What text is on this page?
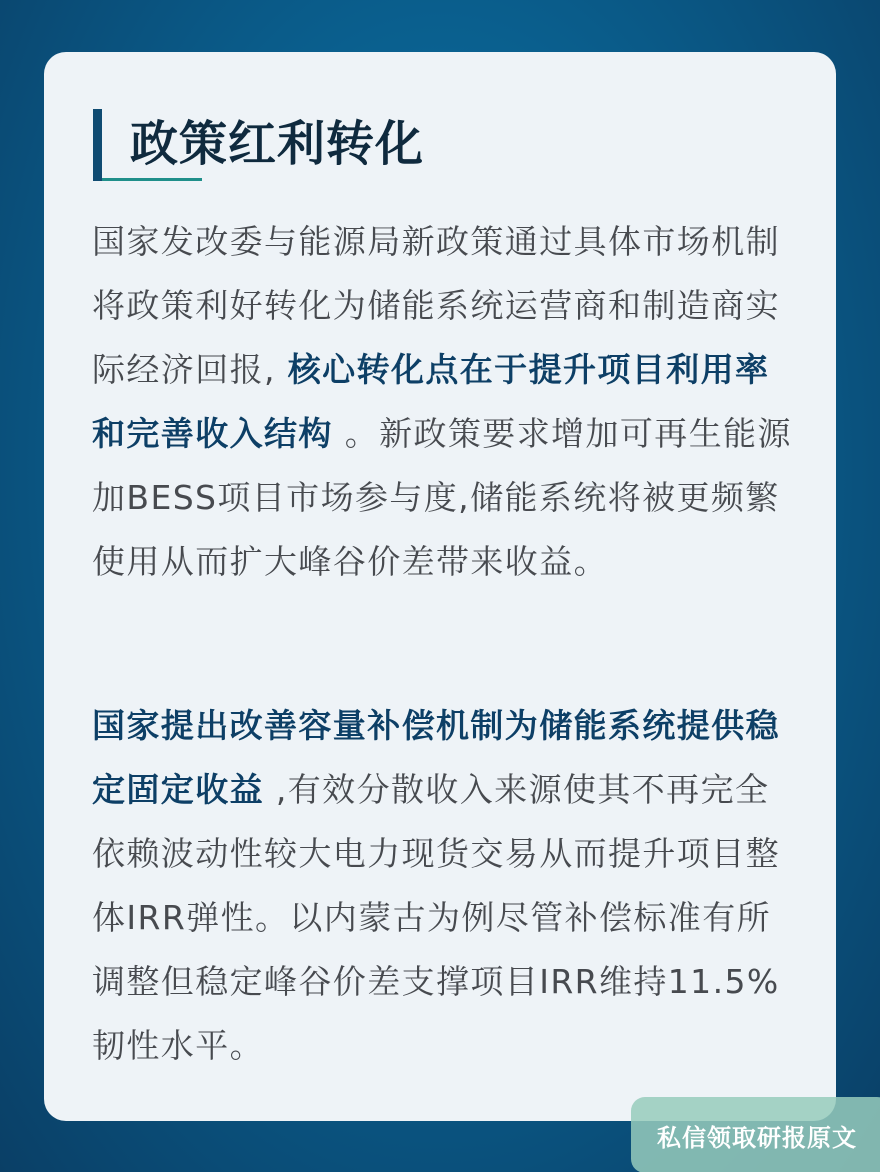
政策红利转化

国家发改委与能源局新政策通过具体市场机制将政策利好转化为储能系统运营商和制造商实际经济回报, 核心转化点在于提升项目利用率和完善收入结构 。新政策要求增加可再生能源加BESS项目市场参与度,储能系统将被更频繁使用从而扩大峰谷价差带来收益。

国家提出改善容量补偿机制为储能系统提供稳定固定收益 ,有效分散收入来源使其不再完全依赖波动性较大电力现货交易从而提升项目整体IRR弹性。以内蒙古为例尽管补偿标准有所调整但稳定峰谷价差支撑项目IRR维持11.5%韧性水平。

私信领取研报原文
